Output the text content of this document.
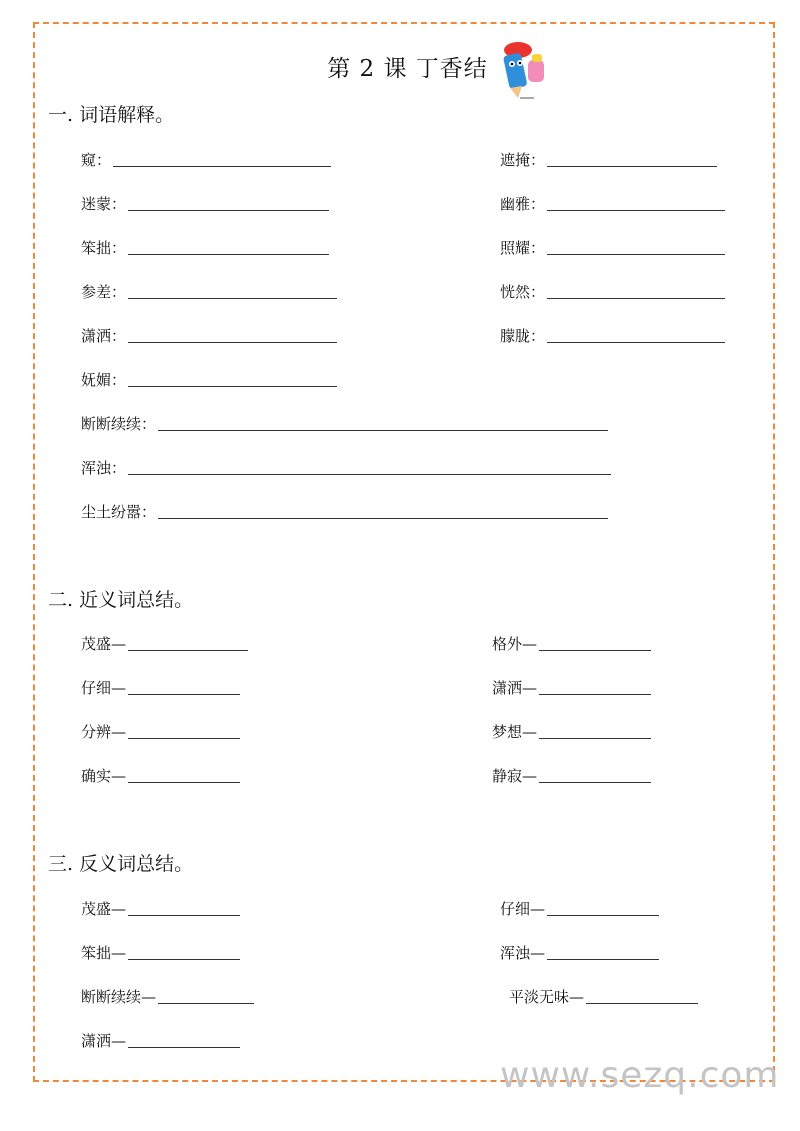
第 2 课 丁香结
一. 词语解释。
窥：	遮掩：
迷蒙：	幽雅：
笨拙：	照耀：
参差：	恍然：
潇洒：	朦胧：
妩媚：
断断续续：
浑浊：
尘土纷嚣：
二. 近义词总结。
茂盛—	格外—
仔细—	潇洒—
分辨—	梦想—
确实—	静寂—
三. 反义词总结。
茂盛—	仔细—
笨拙—	浑浊—
断断续续—	平淡无味—
潇洒—
www.sezq.com
